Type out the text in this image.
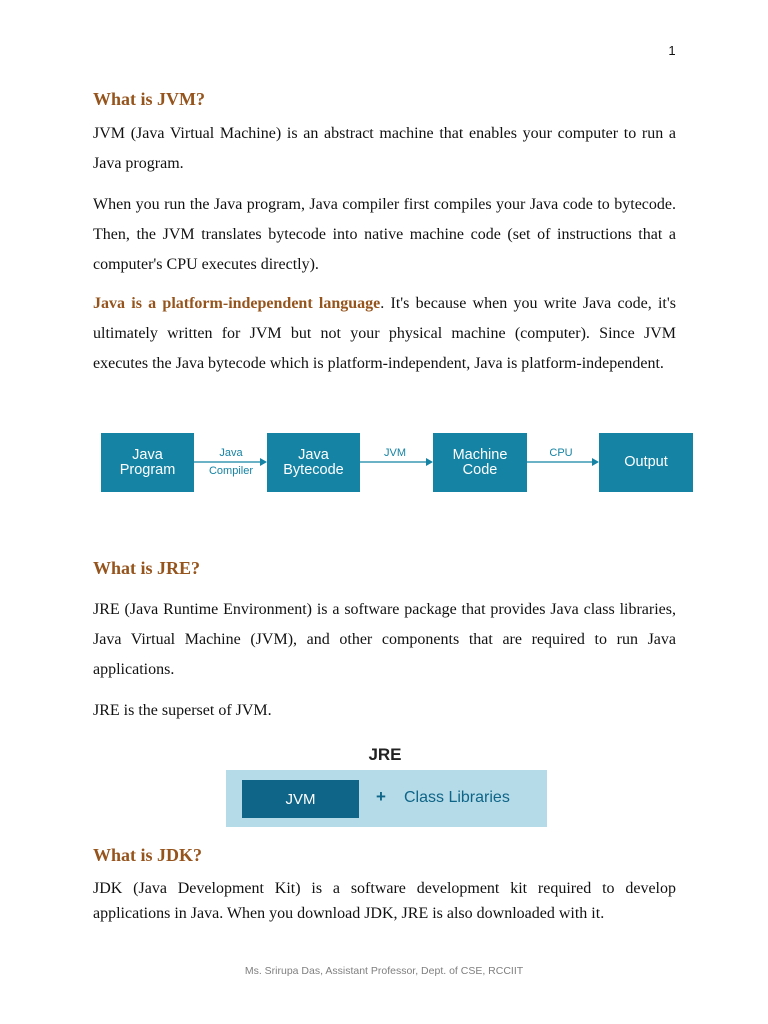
1
What is JVM?

JVM (Java Virtual Machine) is an abstract machine that enables your computer to run a Java program.

When you run the Java program, Java compiler first compiles your Java code to bytecode. Then, the JVM translates bytecode into native machine code (set of instructions that a computer's CPU executes directly).

Java is a platform-independent language. It's because when you write Java code, it's ultimately written for JVM but not your physical machine (computer). Since JVM executes the Java bytecode which is platform-independent, Java is platform-independent.

What is JRE?

JRE (Java Runtime Environment) is a software package that provides Java class libraries, Java Virtual Machine (JVM), and other components that are required to run Java applications.

JRE is the superset of JVM.

What is JDK?

JDK (Java Development Kit) is a software development kit required to develop applications in Java. When you download JDK, JRE is also downloaded with it.

Java
Program
Java
Bytecode
Machine
Code	Output
Java
Compiler
JVM	CPU
JRE
JVM	+ Class Libraries
Ms. Srirupa Das, Assistant Professor, Dept. of CSE, RCCIIT
